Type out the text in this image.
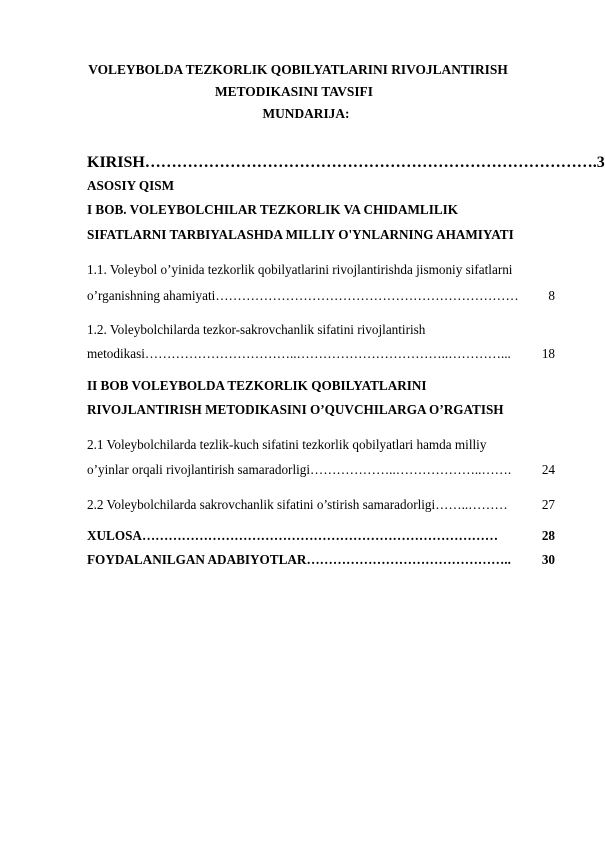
VOLEYBOLDA TEZKORLIK QOBILYATLARINI RIVOJLANTIRISH
METODIKASINI TAVSIFI
MUNDARIJA:
KIRISH …………………………………………………………………………. 3
ASOSIY QISM
I BOB. VOLEYBOLCHILAR TEZKORLIK VA CHIDAMLILIK
SIFATLARNI TARBIYALASHDA MILLIY O'YNLARNING AHAMIYATI
1.1. Voleybol o’yinida tezkorlik qobilyatlarini rivojlantirishda jismoniy sifatlarni
o’rganishning ahamiyati ……………………………………………………………	8
1.2. Voleybolchilarda tezkor-sakrovchanlik sifatini rivojlantirish
metodikasi ……………………………..……………………………..…………...	18
II BOB VOLEYBOLDA TEZKORLIK QOBILYATLARINI
RIVOJLANTIRISH METODIKASINI O’QUVCHILARGA O’RGATISH
2.1 Voleybolchilarda tezlik-kuch sifatini tezkorlik qobilyatlari hamda milliy
o’yinlar orqali rivojlantirish samaradorligi ………………..………………..…….	24
2.2 Voleybolchilarda sakrovchanlik sifatini o’stirish samaradorligi ……..………	27
XULOSA ………………………………………………………………………	28
FOYDALANILGAN ADABIYOTLAR ………………………………………..	30
